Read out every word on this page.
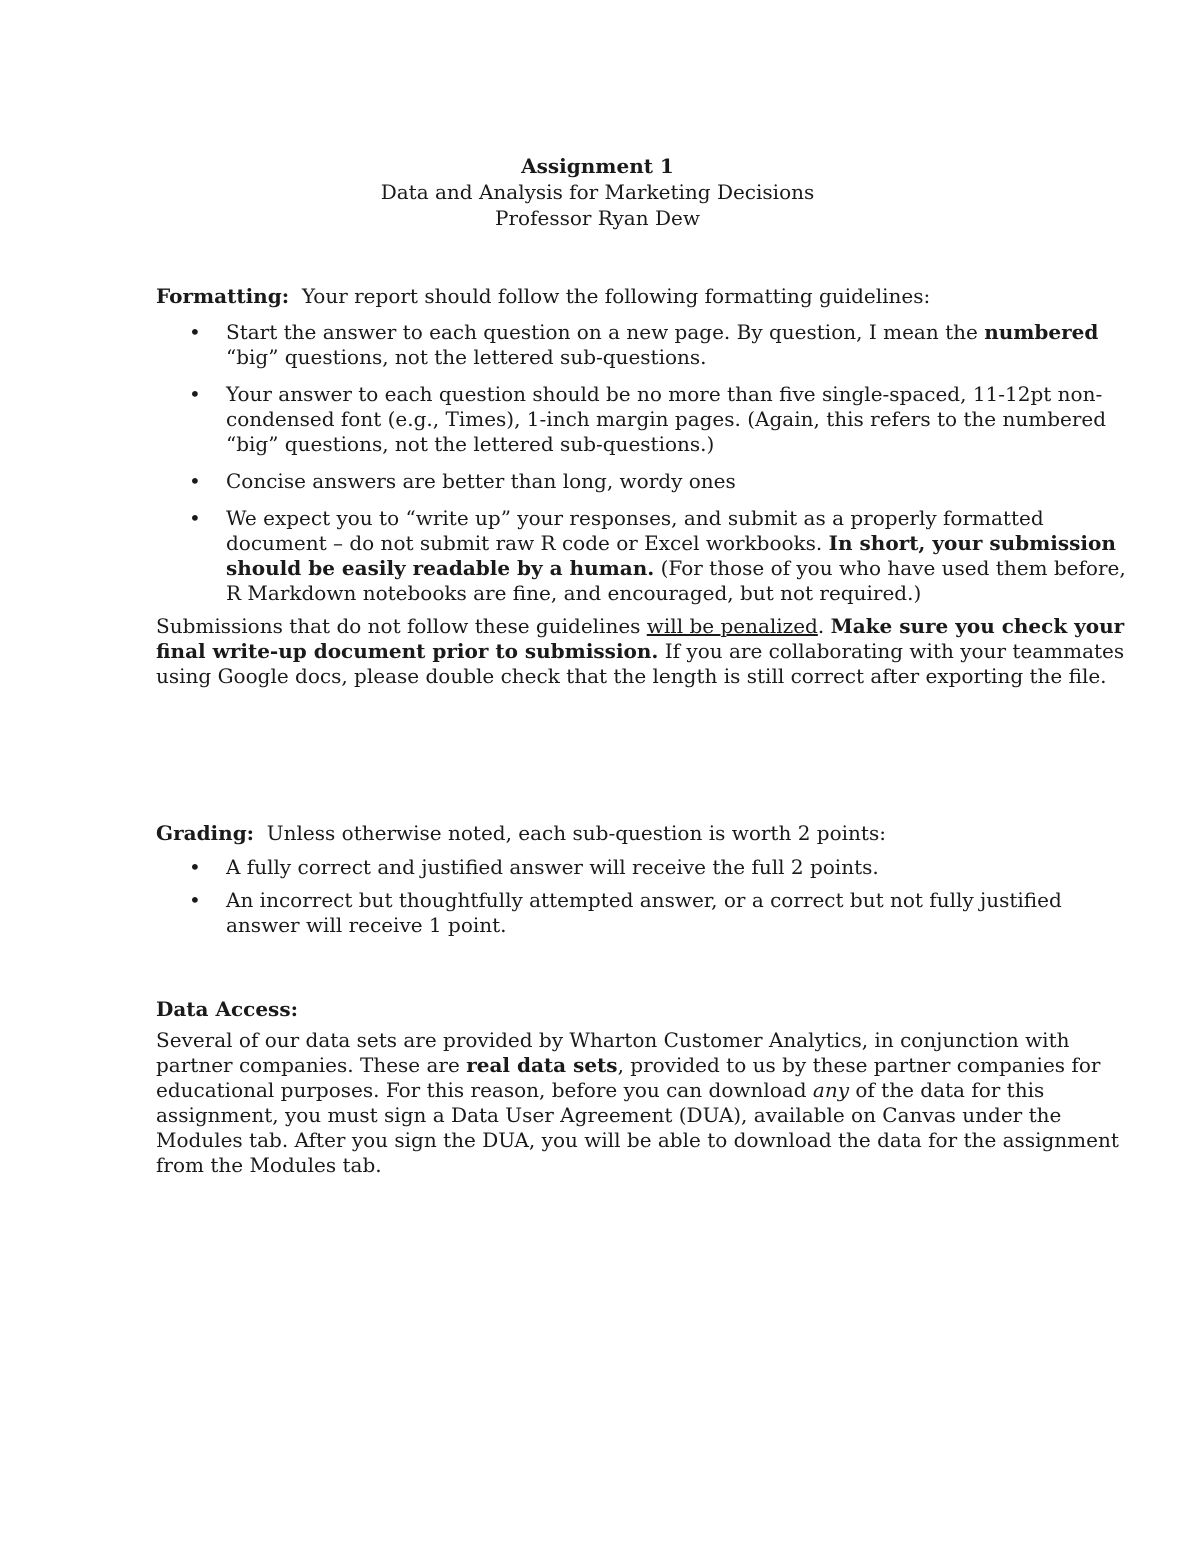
Assignment 1
Data and Analysis for Marketing Decisions
Professor Ryan Dew
Formatting: Your report should follow the following formatting guidelines:
• Start the answer to each question on a new page. By question, I mean the numbered “big” questions, not the lettered sub-questions.
• Your answer to each question should be no more than five single-spaced, 11-12pt non-condensed font (e.g., Times), 1-inch margin pages. (Again, this refers to the numbered “big” questions, not the lettered sub-questions.)
• Concise answers are better than long, wordy ones
• We expect you to “write up” your responses, and submit as a properly formatted document – do not submit raw R code or Excel workbooks. In short, your submission should be easily readable by a human. (For those of you who have used them before, R Markdown notebooks are fine, and encouraged, but not required.)

Submissions that do not follow these guidelines will be penalized. Make sure you check your final write-up document prior to submission. If you are collaborating with your teammates using Google docs, please double check that the length is still correct after exporting the file.

Grading: Unless otherwise noted, each sub-question is worth 2 points:
• A fully correct and justified answer will receive the full 2 points.
• An incorrect but thoughtfully attempted answer, or a correct but not fully justified answer will receive 1 point.
Data Access:

Several of our data sets are provided by Wharton Customer Analytics, in conjunction with partner companies. These are real data sets, provided to us by these partner companies for educational purposes. For this reason, before you can download any of the data for this assignment, you must sign a Data User Agreement (DUA), available on Canvas under the Modules tab. After you sign the DUA, you will be able to download the data for the assignment from the Modules tab.
